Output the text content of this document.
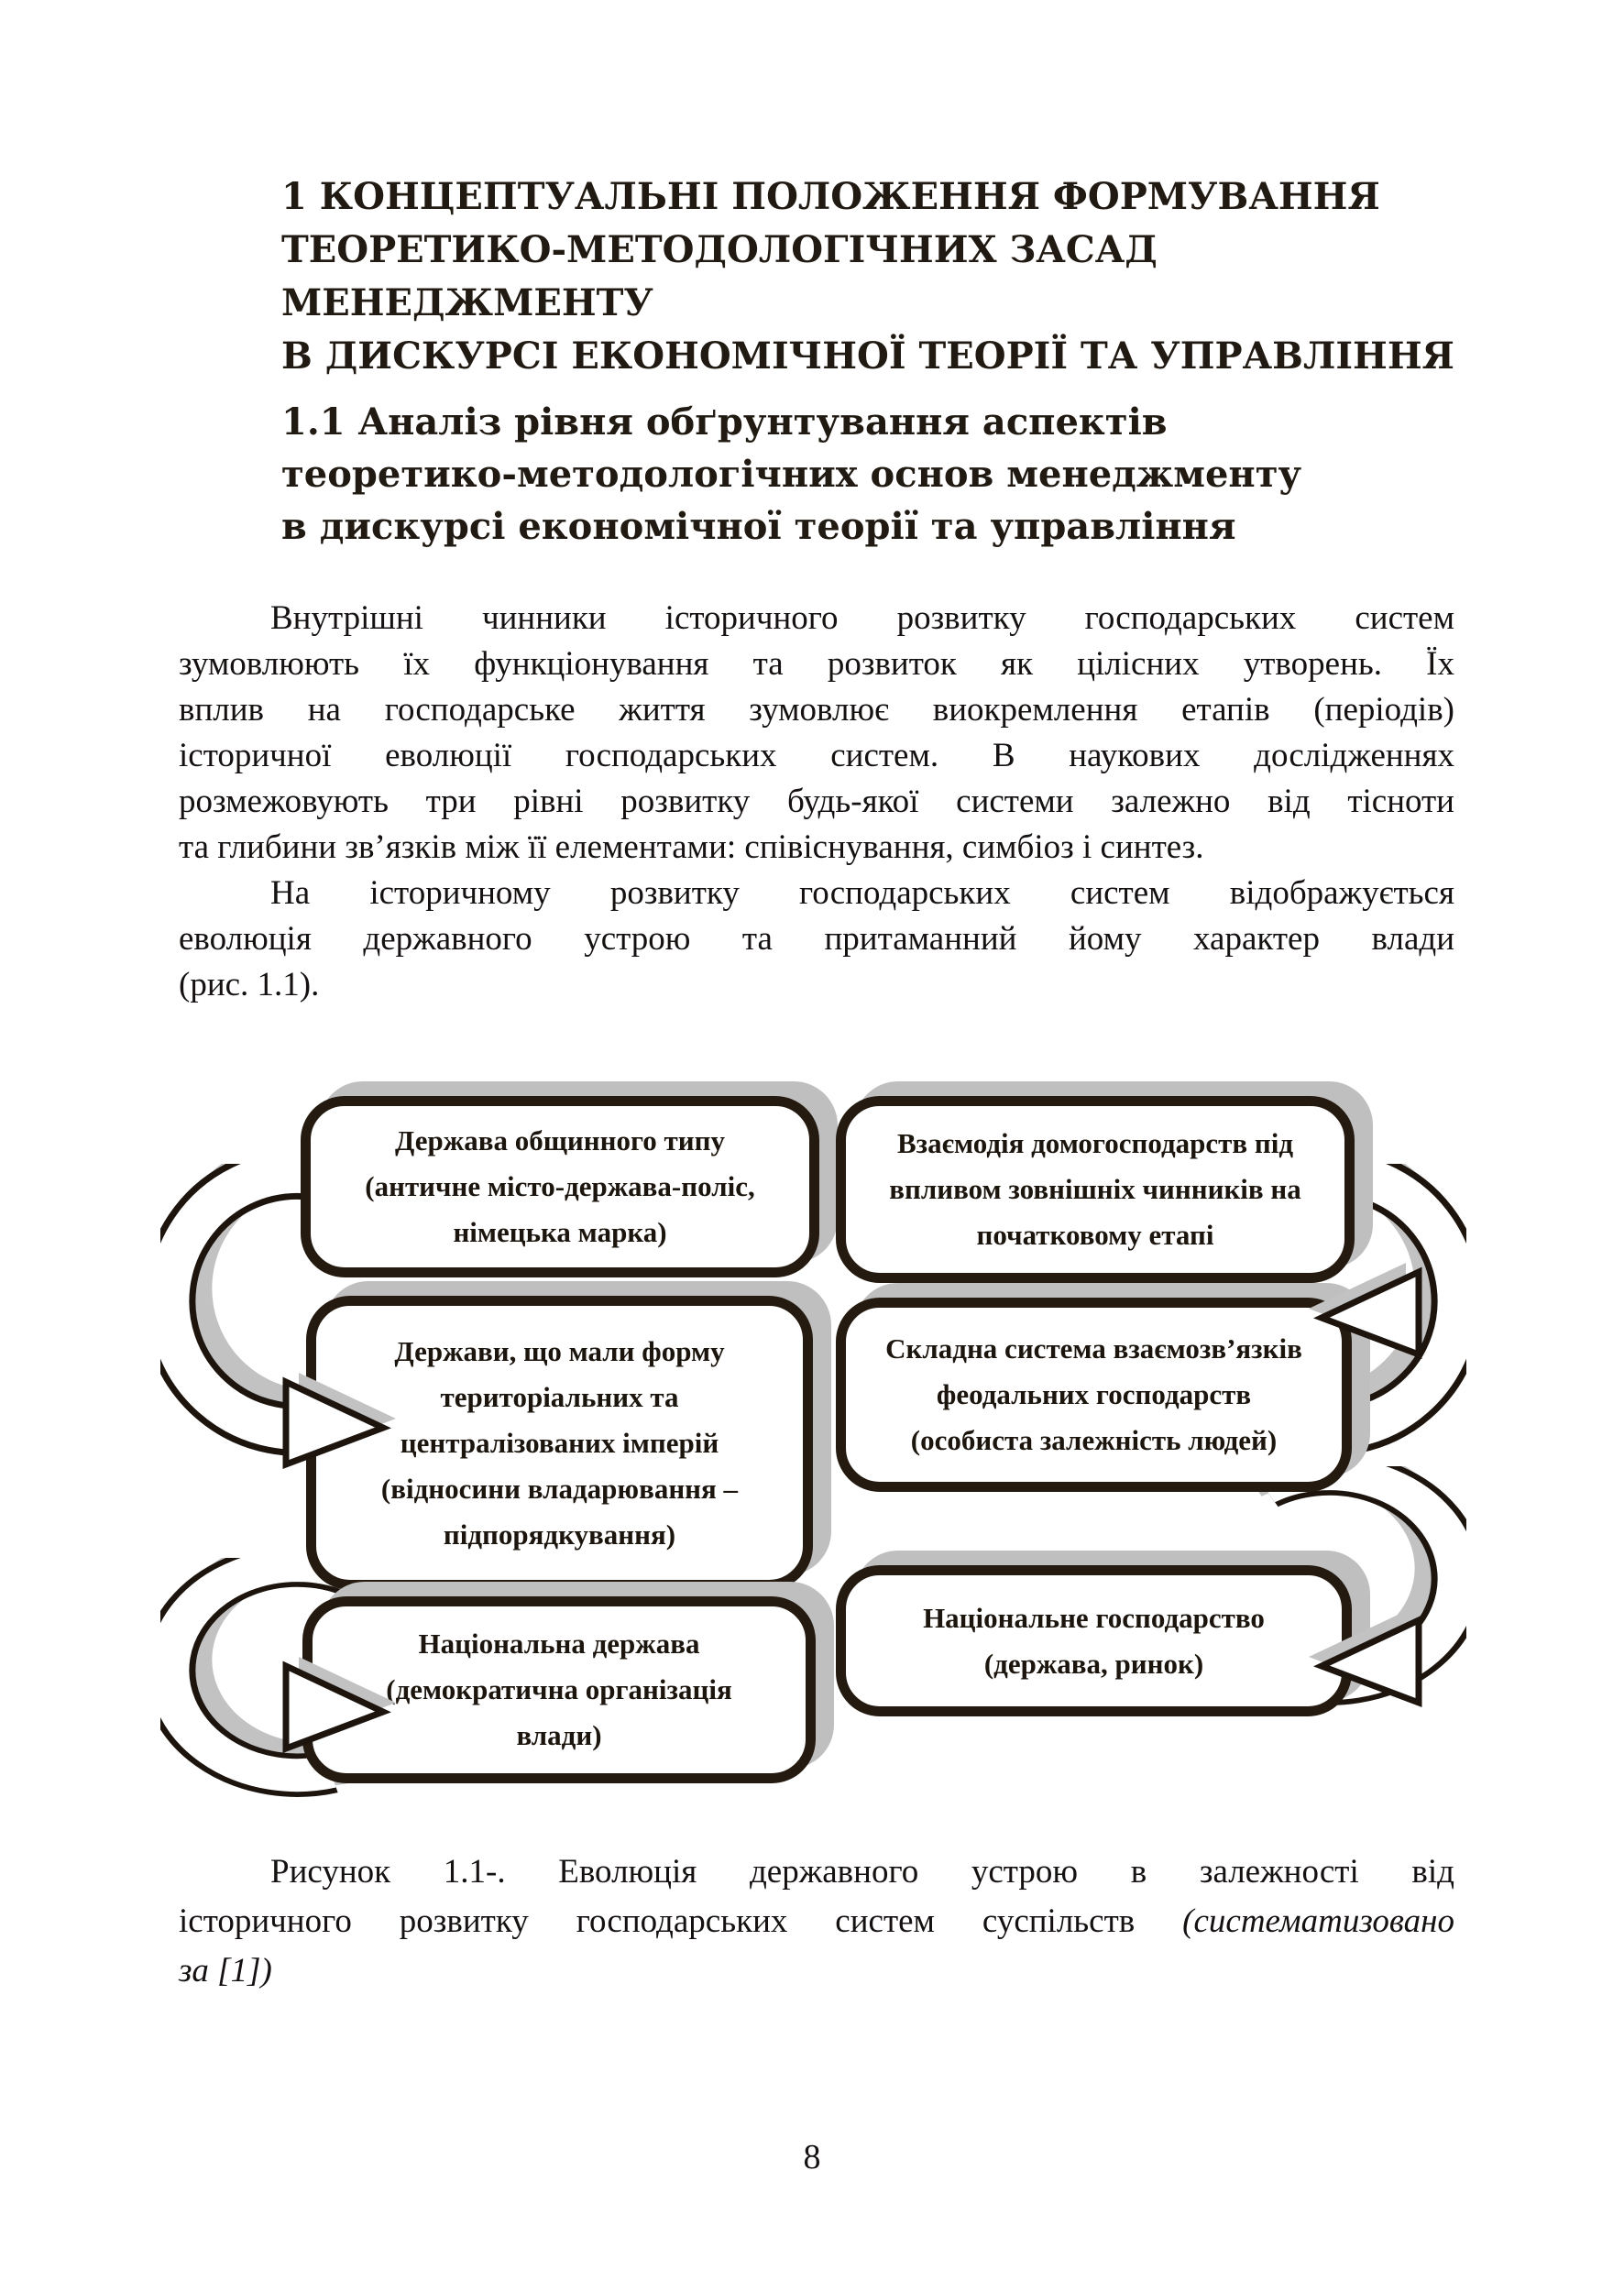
1 КОНЦЕПТУАЛЬНІ ПОЛОЖЕННЯ ФОРМУВАННЯ
ТЕОРЕТИКО-МЕТОДОЛОГІЧНИХ ЗАСАД МЕНЕДЖМЕНТУ
В ДИСКУРСІ ЕКОНОМІЧНОЇ ТЕОРІЇ ТА УПРАВЛІННЯ
1.1 Аналіз рівня обґрунтування аспектів
теоретико-методологічних основ менеджменту
в дискурсі економічної теорії та управління
Внутрішні чинники історичного розвитку господарських систем
зумовлюють їх функціонування та розвиток як цілісних утворень. Їх
вплив на господарське життя зумовлює виокремлення етапів (періодів)
історичної еволюції господарських систем. В наукових дослідженнях
розмежовують три рівні розвитку будь-якої системи залежно від тісноти
та глибини зв’язків між її елементами: співіснування, симбіоз і синтез.
На історичному розвитку господарських систем відображується
еволюція державного устрою та притаманний йому характер влади
(рис. 1.1).
Держава общинного типу
(античне місто-держава-поліс,
німецька марка)
Взаємодія домогосподарств під
впливом зовнішніх чинників на
початковому етапі
Держави, що мали форму
територіальних та
централізованих імперій
(відносини владарювання –
підпорядкування)
Складна система взаємозв’язків
феодальних господарств
(особиста залежність людей)
Національна держава
(демократична організація
влади)
Національне господарство
(держава, ринок)
Рисунок 1.1-. Еволюція державного устрою в залежності від
історичного розвитку господарських систем суспільств (систематизовано
за [1])
8
